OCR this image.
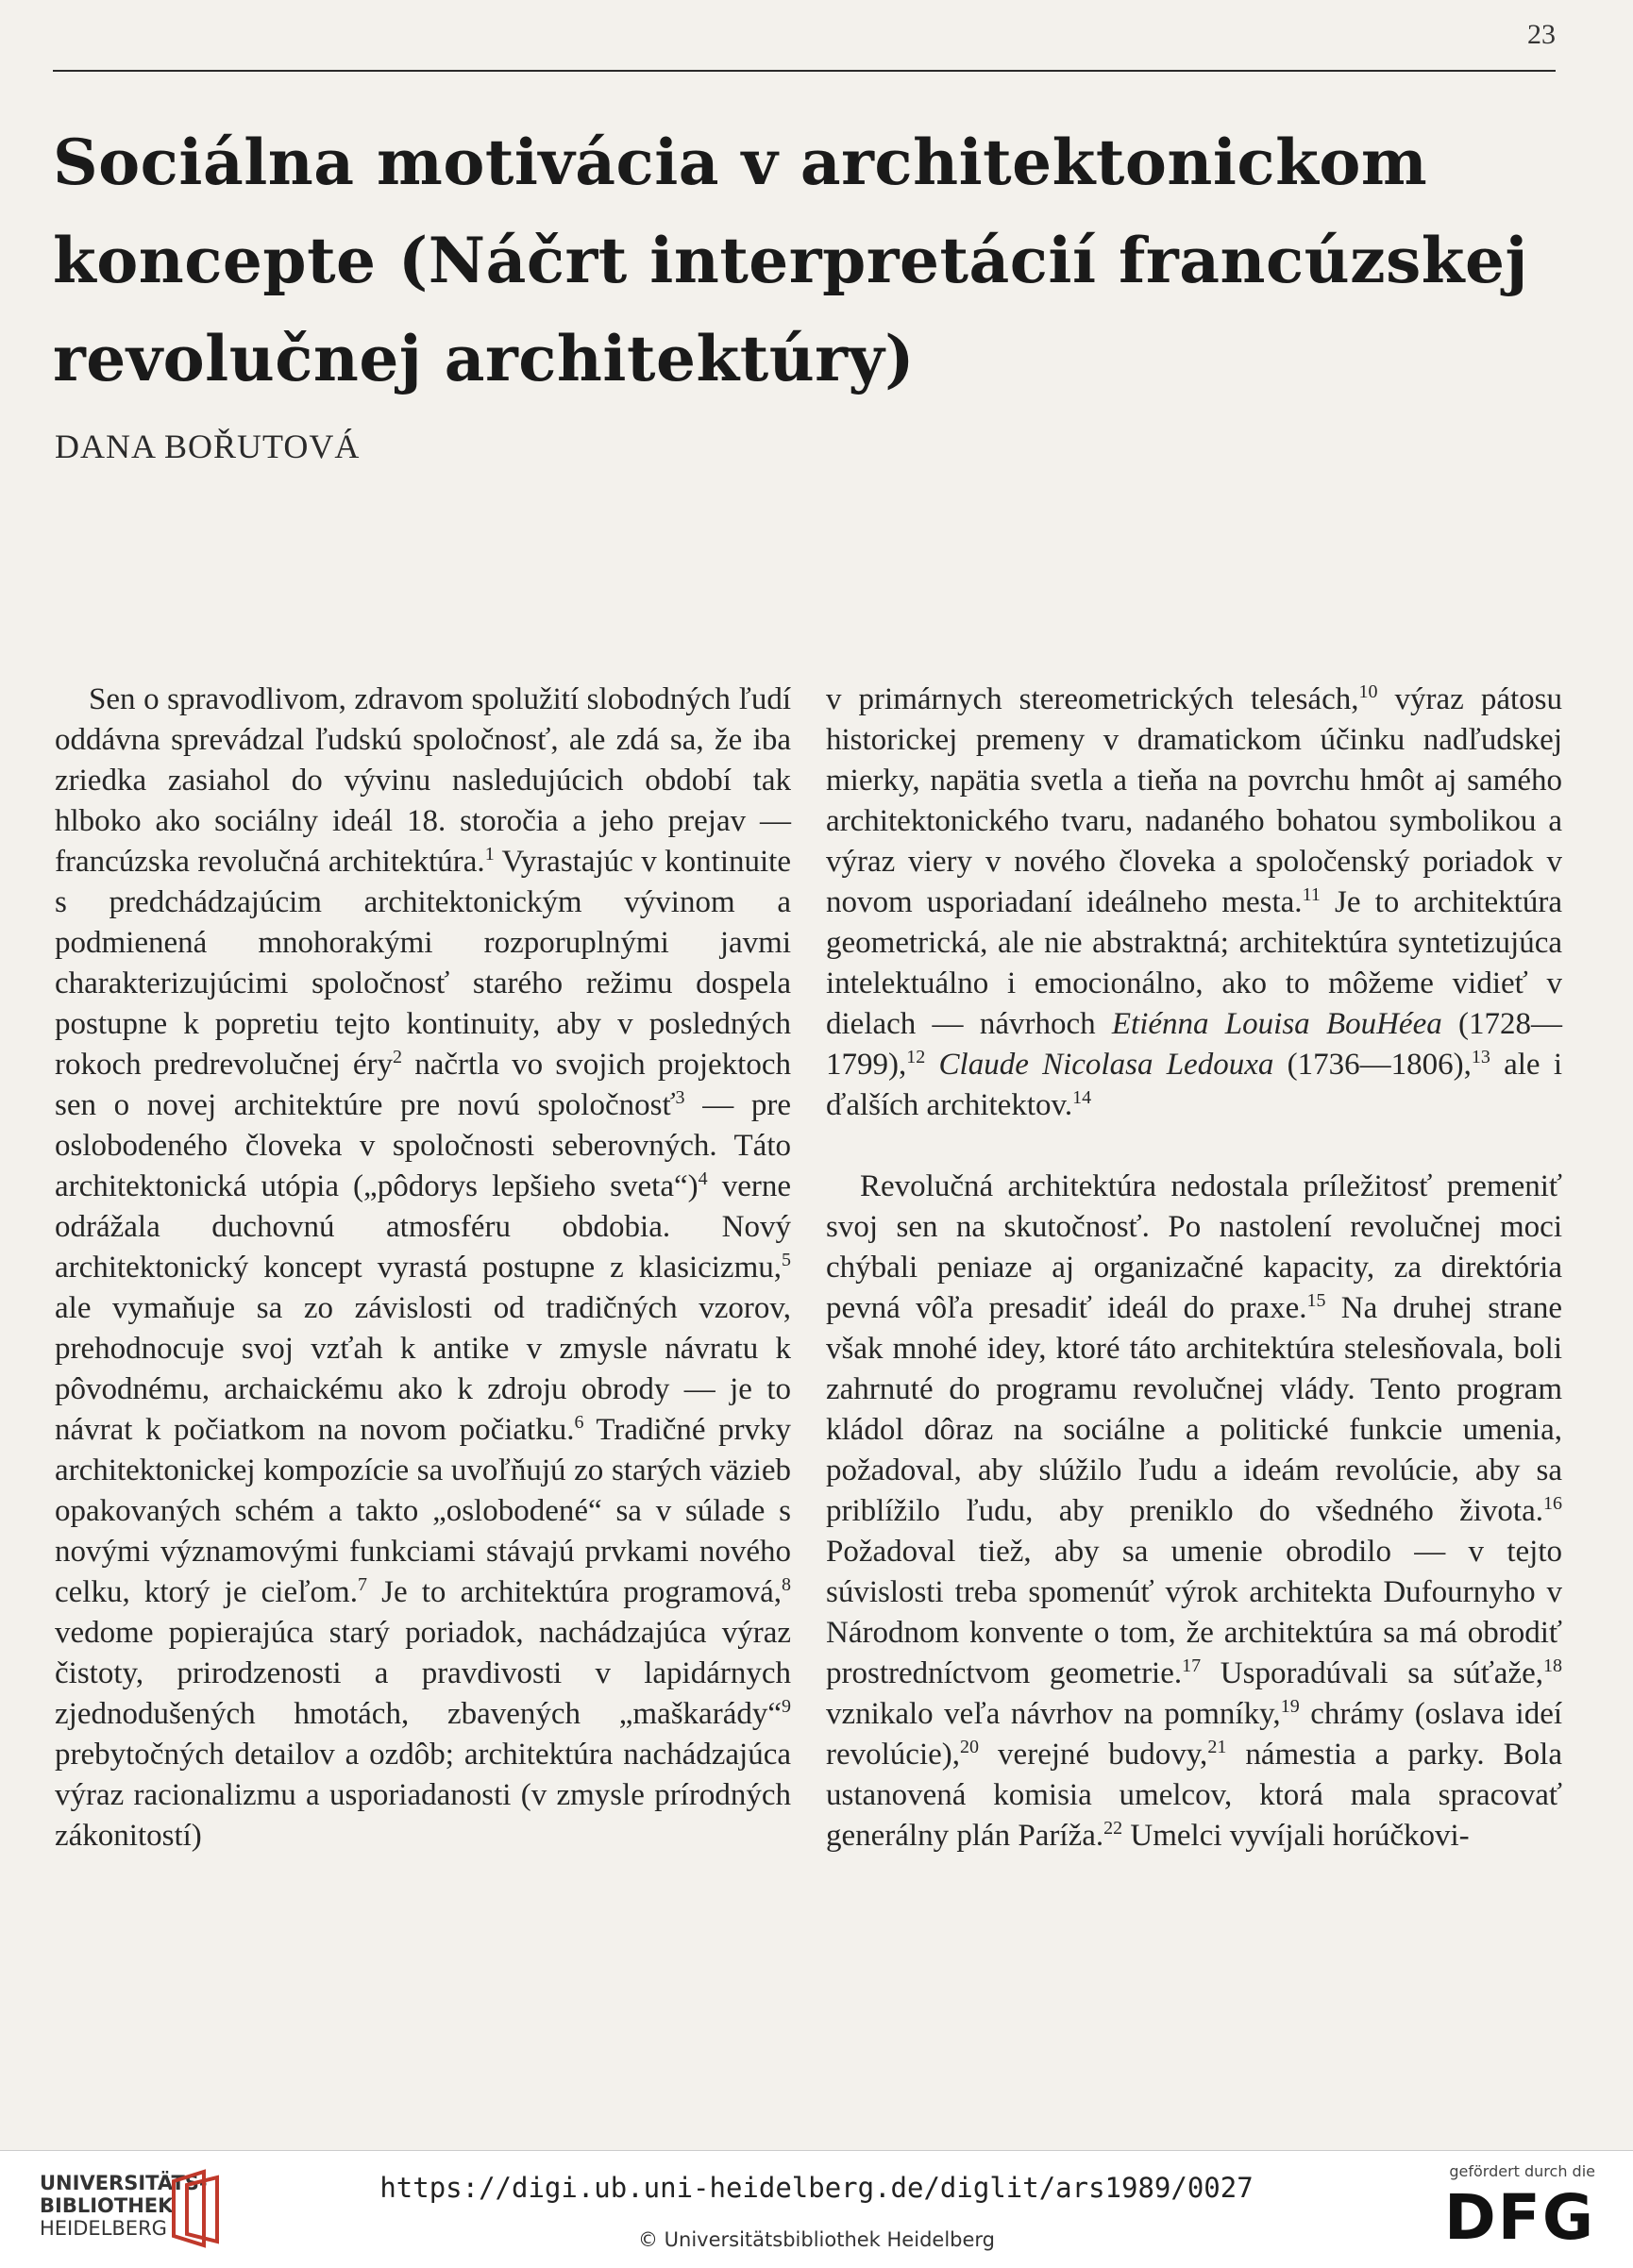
23
Sociálna motivácia v architektonickom
koncepte (Náčrt interpretácií francúzskej
revolučnej architektúry)
DANA BOŘUTOVÁ

Sen o spravodlivom, zdravom spolužití slobodných ľudí oddávna sprevádzal ľudskú spoločnosť, ale zdá sa, že iba zriedka zasiahol do vývinu nasledujúcich období tak hlboko ako sociálny ideál 18. storočia a jeho prejav — francúzska revolučná architektúra.$^1$ Vyrastajúc v kontinuite s predchádzajúcim architektonickým vývinom a podmienená mnohorakými rozporuplnými javmi charakterizujúcimi spoločnosť starého režimu dospela postupne k popretiu tejto kontinuity, aby v posledných rokoch predrevolučnej éry$^2$ načrtla vo svojich projektoch sen o novej architektúre pre novú spoločnosť$^3$ — pre oslobodeného človeka v spoločnosti seberovných. Táto architektonická utópia („pôdorys lepšieho sveta“)$^4$ verne odrážala duchovnú atmosféru obdobia. Nový architektonický koncept vyrastá postupne z klasicizmu,$^5$ ale vymaňuje sa zo závislosti od tradičných vzorov, prehodnocuje svoj vzťah k antike v zmysle návratu k pôvodnému, archaickému ako k zdroju obrody — je to návrat k počiatkom na novom počiatku.$^6$ Tradičné prvky architektonickej kompozície sa uvoľňujú zo starých väzieb opakovaných schém a takto „oslobodené“ sa v súlade s novými významovými funkciami stávajú prvkami nového celku, ktorý je cieľom.$^7$ Je to architektúra programová,$^8$ vedome popierajúca starý poriadok, nachádzajúca výraz čistoty, prirodzenosti a pravdivosti v lapidárnych zjednodušených hmotách, zbavených „maškarády“$^9$ prebytočných detailov a ozdôb; architektúra nachádzajúca výraz racionalizmu a usporiadanosti (v zmysle prírodných zákonitostí)

v primárnych stereometrických telesách,$^{10}$ výraz pátosu historickej premeny v dramatickom účinku nadľudskej mierky, napätia svetla a tieňa na povrchu hmôt aj samého architektonického tvaru, nadaného bohatou symbolikou a výraz viery v nového človeka a spoločenský poriadok v novom usporiadaní ideálneho mesta.$^{11}$ Je to architektúra geometrická, ale nie abstraktná; architektúra syntetizujúca intelektuálno i emocionálno, ako to môžeme vidieť v dielach — návrhoch Etiénna Louisa BouHéea (1728—1799),$^{12}$ Claude Nicolasa Ledouxa (1736—1806),$^{13}$ ale i ďalších architektov.$^{14}$

Revolučná architektúra nedostala príležitosť premeniť svoj sen na skutočnosť. Po nastolení revolučnej moci chýbali peniaze aj organizačné kapacity, za direktória pevná vôľa presadiť ideál do praxe.$^{15}$ Na druhej strane však mnohé idey, ktoré táto architektúra stelesňovala, boli zahrnuté do programu revolučnej vlády. Tento program kládol dôraz na sociálne a politické funkcie umenia, požadoval, aby slúžilo ľudu a ideám revolúcie, aby sa priblížilo ľudu, aby preniklo do všedného života.$^{16}$ Požadoval tiež, aby sa umenie obrodilo — v tejto súvislosti treba spomenúť výrok architekta Dufournyho v Národnom konvente o tom, že architektúra sa má obrodiť prostredníctvom geometrie.$^{17}$ Usporadúvali sa súťaže,$^{18}$ vznikalo veľa návrhov na pomníky,$^{19}$ chrámy (oslava ideí revolúcie),$^{20}$ verejné budovy,$^{21}$ námestia a parky. Bola ustanovená komisia umelcov, ktorá mala spracovať generálny plán Paríža.$^{22}$ Umelci vyvíjali horúčkovi-

UNIVERSITÄTS-
BIBLIOTHEK
HEIDELBERG
https://digi.ub.uni-heidelberg.de/diglit/ars1989/0027
© Universitätsbibliothek Heidelberg
gefördert durch die
DFG
